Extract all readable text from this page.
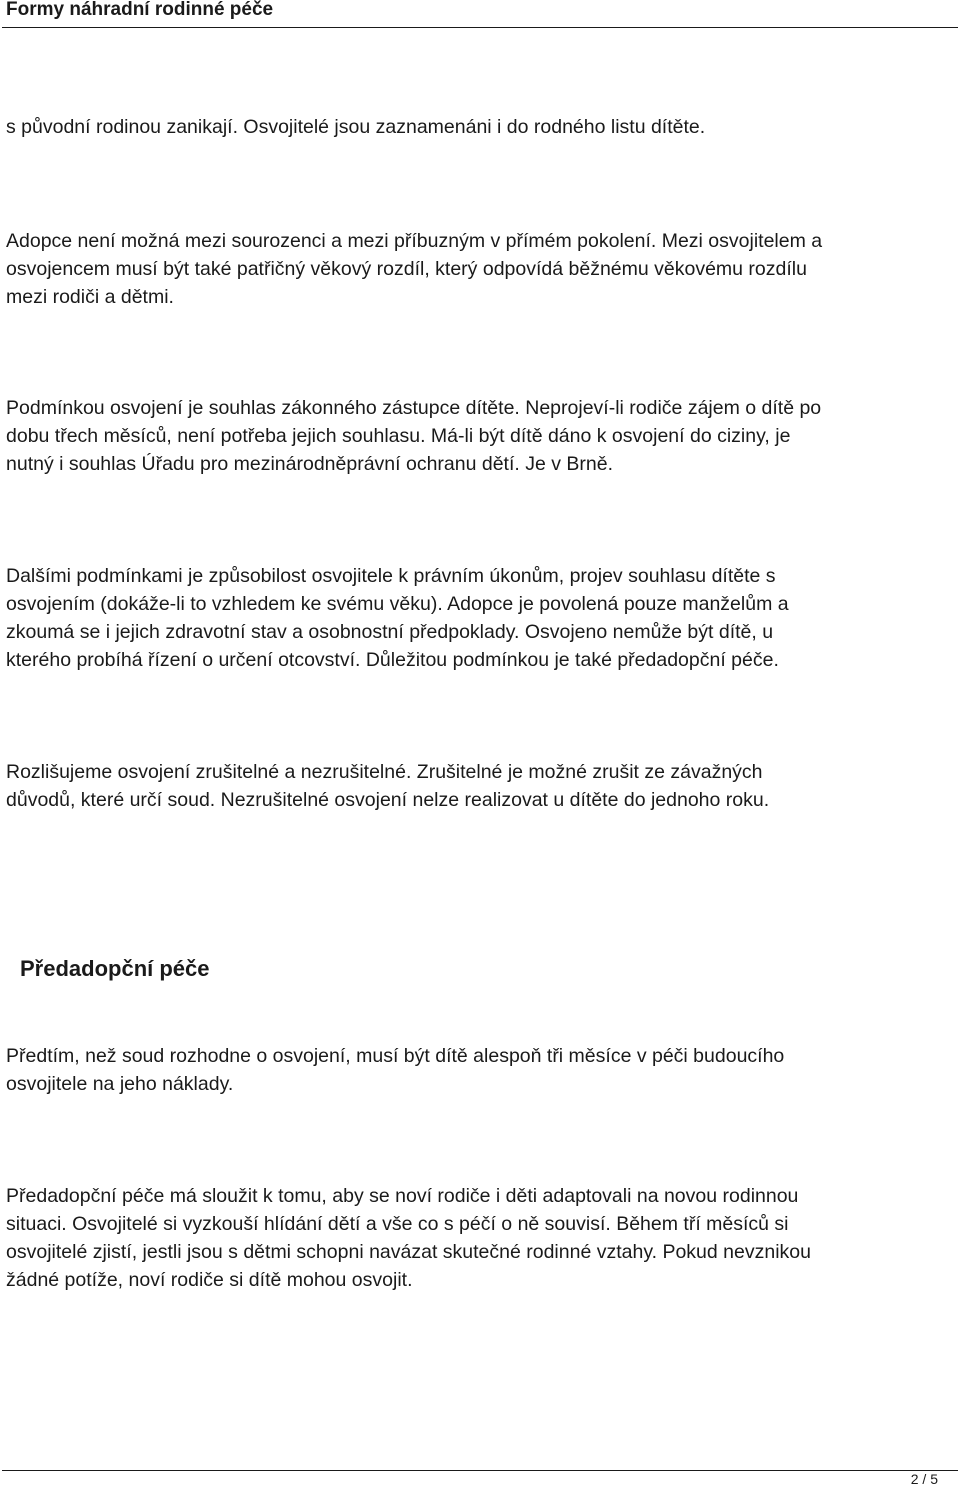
Formy náhradní rodinné péče

s původní rodinou zanikají. Osvojitelé jsou zaznamenáni i do rodného listu dítěte.

Adopce není možná mezi sourozenci a mezi příbuzným v přímém pokolení. Mezi osvojitelem a
osvojencem musí být také patřičný věkový rozdíl, který odpovídá běžnému věkovému rozdílu
mezi rodiči a dětmi.

Podmínkou osvojení je souhlas zákonného zástupce dítěte. Neprojeví-li rodiče zájem o dítě po
dobu třech měsíců, není potřeba jejich souhlasu. Má-li být dítě dáno k osvojení do ciziny, je
nutný i souhlas Úřadu pro mezinárodněprávní ochranu dětí. Je v Brně.

Dalšími podmínkami je způsobilost osvojitele k právním úkonům, projev souhlasu dítěte s
osvojením (dokáže-li to vzhledem ke svému věku). Adopce je povolená pouze manželům a
zkoumá se i jejich zdravotní stav a osobnostní předpoklady. Osvojeno nemůže být dítě, u
kterého probíhá řízení o určení otcovství. Důležitou podmínkou je také předadopční péče.

Rozlišujeme osvojení zrušitelné a nezrušitelné. Zrušitelné je možné zrušit ze závažných
důvodů, které určí soud. Nezrušitelné osvojení nelze realizovat u dítěte do jednoho roku.

Předadopční péče

Předtím, než soud rozhodne o osvojení, musí být dítě alespoň tři měsíce v péči budoucího
osvojitele na jeho náklady.

Předadopční péče má sloužit k tomu, aby se noví rodiče i děti adaptovali na novou rodinnou
situaci. Osvojitelé si vyzkouší hlídání dětí a vše co s péčí o ně souvisí. Během tří měsíců si
osvojitelé zjistí, jestli jsou s dětmi schopni navázat skutečné rodinné vztahy. Pokud nevznikou
žádné potíže, noví rodiče si dítě mohou osvojit.

2 / 5
